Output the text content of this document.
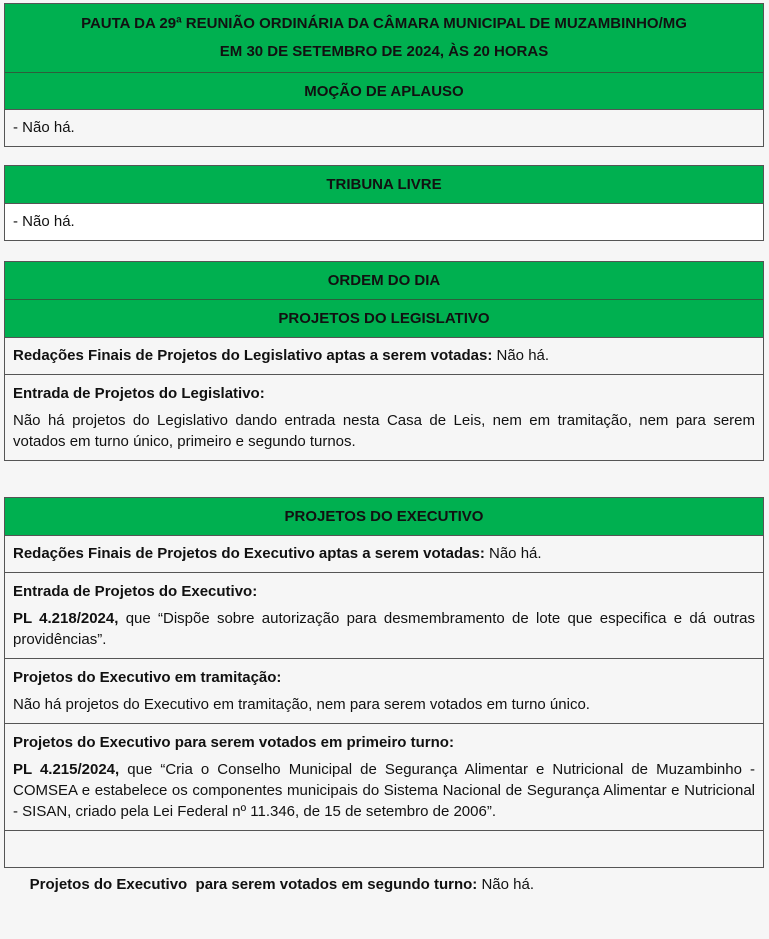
PAUTA DA 29ª REUNIÃO ORDINÁRIA DA CÂMARA MUNICIPAL DE MUZAMBINHO/MG
EM 30 DE SETEMBRO DE 2024, ÀS 20 HORAS
MOÇÃO DE APLAUSO
- Não há.
TRIBUNA LIVRE
- Não há.
ORDEM DO DIA
PROJETOS DO LEGISLATIVO
Redações Finais de Projetos do Legislativo aptas a serem votadas: Não há.
Entrada de Projetos do Legislativo:
Não há projetos do Legislativo dando entrada nesta Casa de Leis, nem em tramitação, nem para serem votados em turno único, primeiro e segundo turnos.
PROJETOS DO EXECUTIVO
Redações Finais de Projetos do Executivo aptas a serem votadas: Não há.
Entrada de Projetos do Executivo:
PL 4.218/2024, que “Dispõe sobre autorização para desmembramento de lote que especifica e dá outras providências”.
Projetos do Executivo em tramitação:
Não há projetos do Executivo em tramitação, nem para serem votados em turno único.
Projetos do Executivo para serem votados em primeiro turno:
PL 4.215/2024, que “Cria o Conselho Municipal de Segurança Alimentar e Nutricional de Muzambinho - COMSEA e estabelece os componentes municipais do Sistema Nacional de Segurança Alimentar e Nutricional - SISAN, criado pela Lei Federal nº 11.346, de 15 de setembro de 2006”.

Projetos do Executivo  para serem votados em segundo turno: Não há.
